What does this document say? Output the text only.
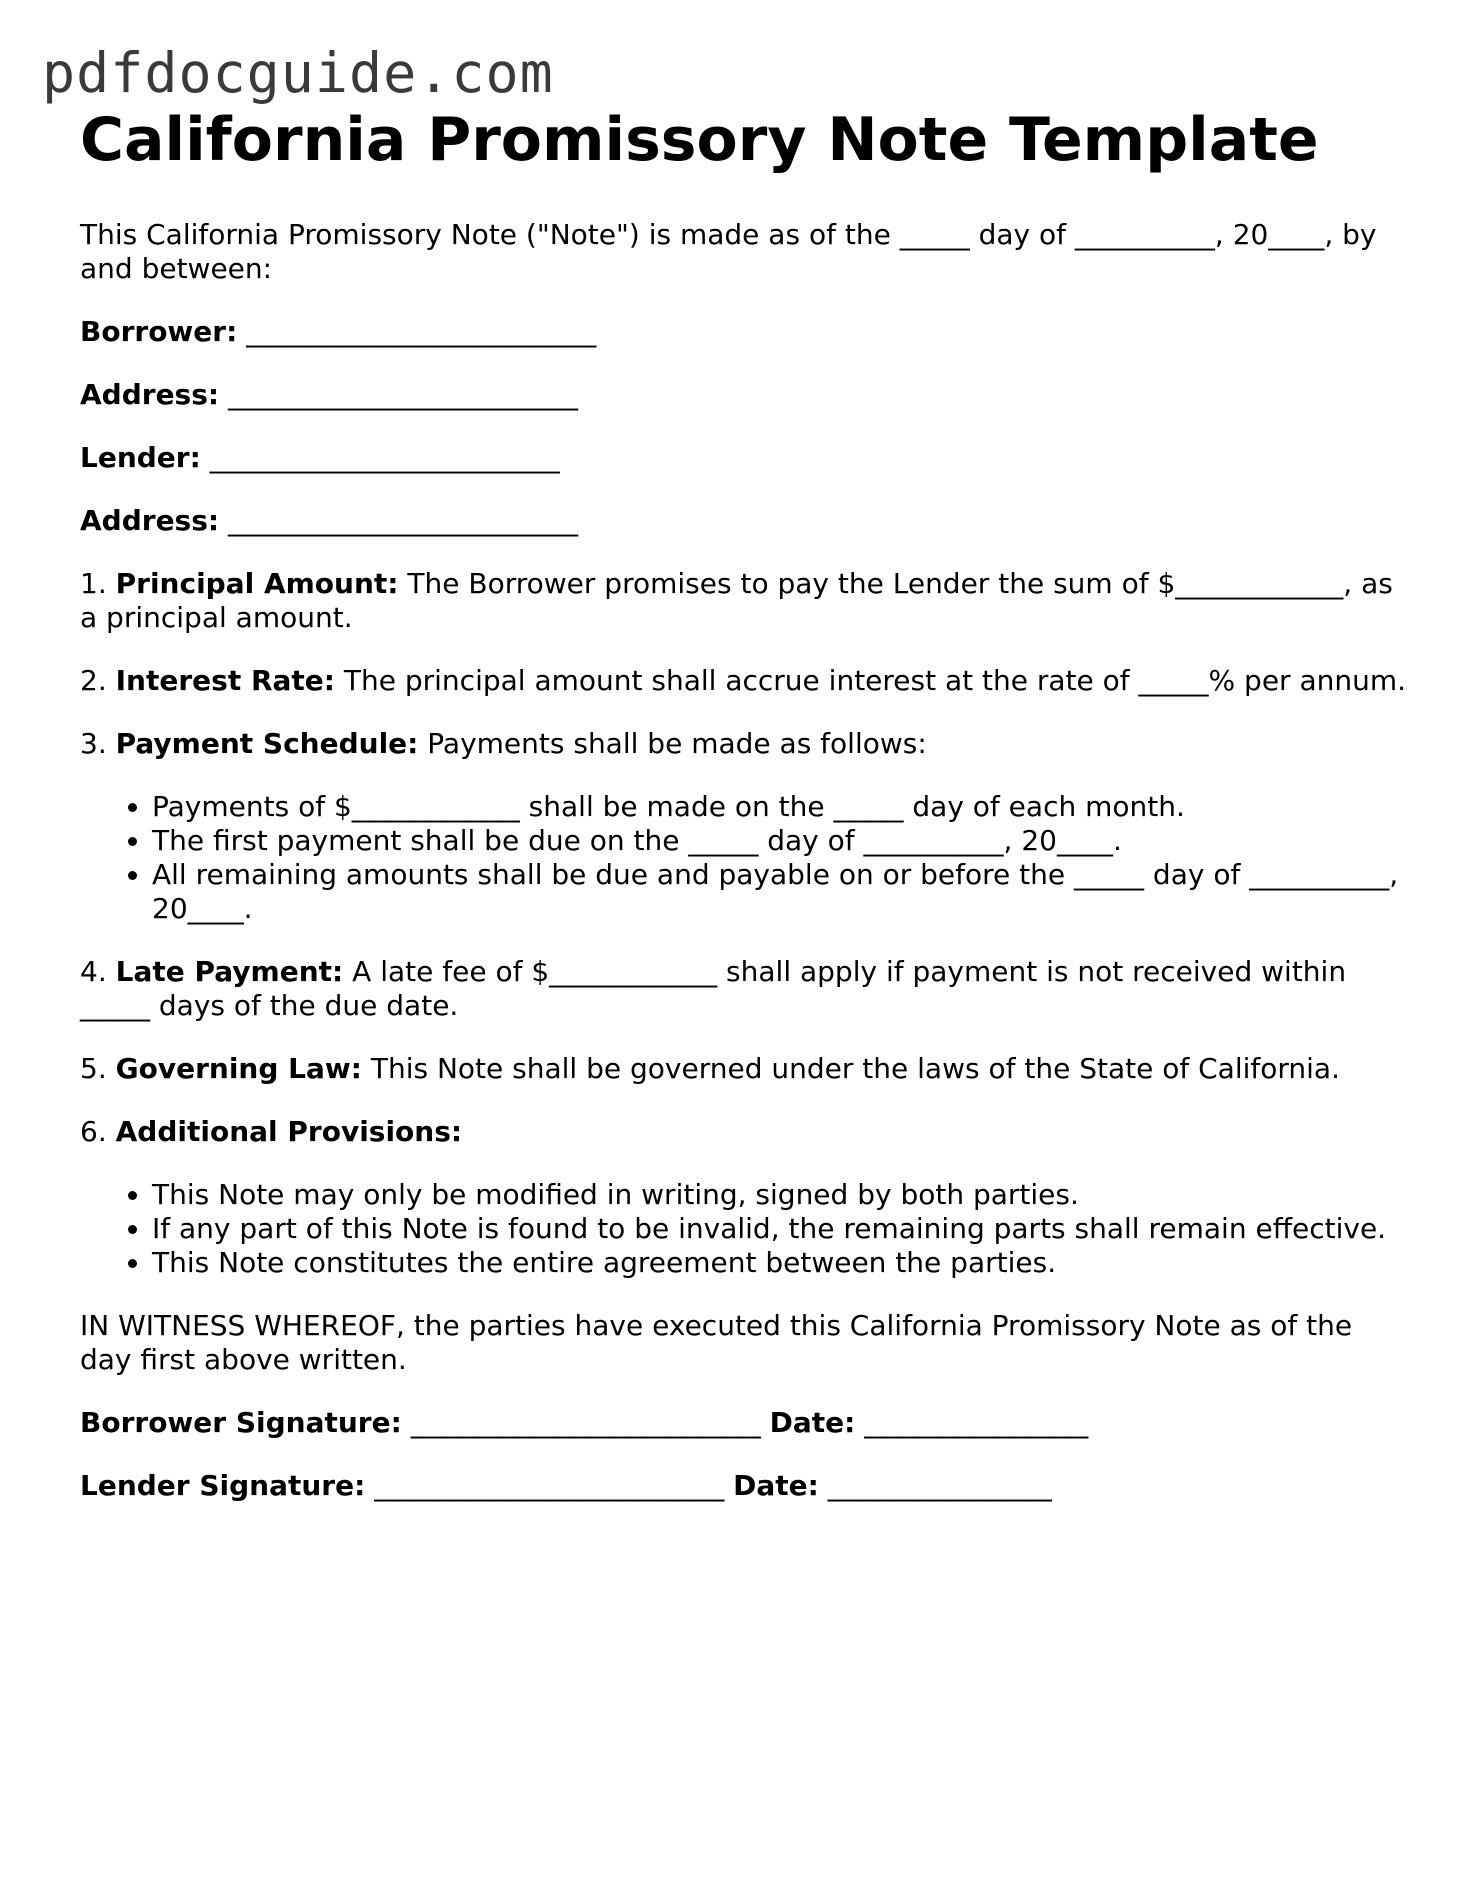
pdfdocguide.com
California Promissory Note Template

This California Promissory Note ("Note") is made as of the _____ day of __________, 20____, by and between:

Borrower: _________________________

Address: _________________________

Lender: _________________________

Address: _________________________

1. Principal Amount: The Borrower promises to pay the Lender the sum of $____________, as a principal amount.

2. Interest Rate: The principal amount shall accrue interest at the rate of _____% per annum.

3. Payment Schedule: Payments shall be made as follows:

• Payments of $____________ shall be made on the _____ day of each month.
• The first payment shall be due on the _____ day of __________, 20____.
• All remaining amounts shall be due and payable on or before the _____ day of __________, 20____.

4. Late Payment: A late fee of $____________ shall apply if payment is not received within _____ days of the due date.

5. Governing Law: This Note shall be governed under the laws of the State of California.

6. Additional Provisions:

• This Note may only be modified in writing, signed by both parties.
• If any part of this Note is found to be invalid, the remaining parts shall remain effective.
• This Note constitutes the entire agreement between the parties.

IN WITNESS WHEREOF, the parties have executed this California Promissory Note as of the day first above written.

Borrower Signature: _________________________ Date: ________________

Lender Signature: _________________________ Date: ________________
